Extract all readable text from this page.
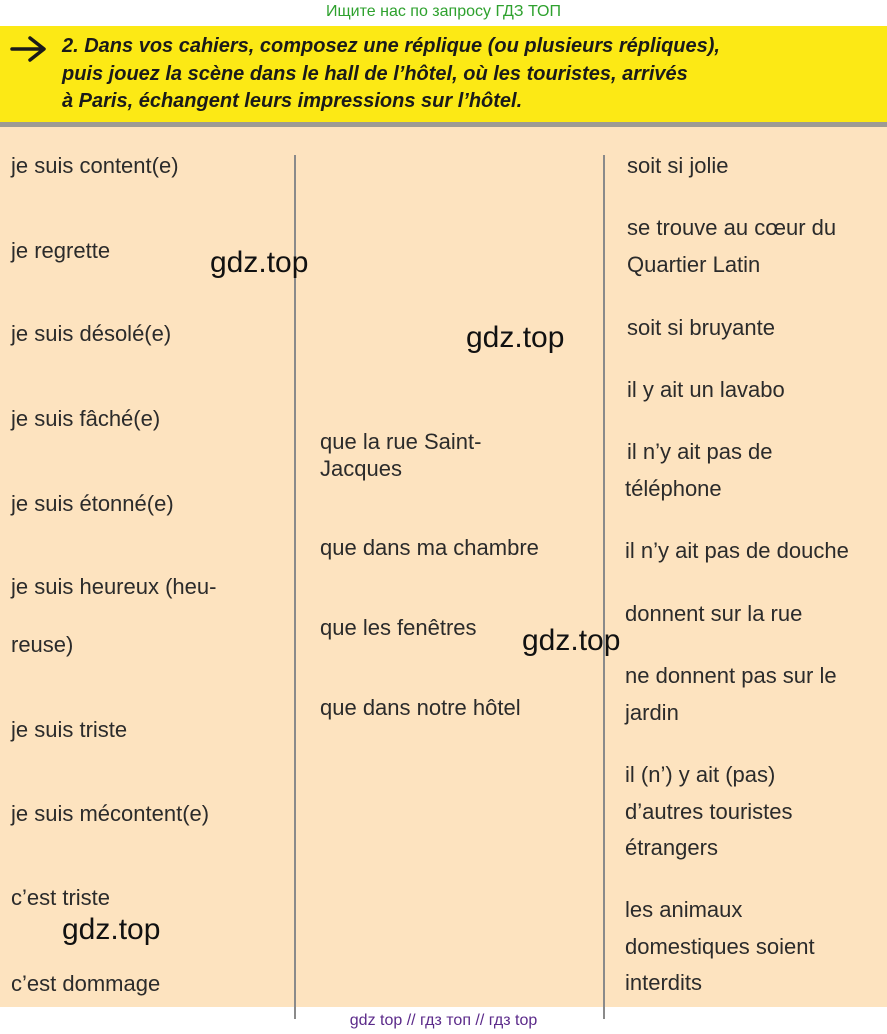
Ищите нас по запросу ГДЗ ТОП
2. Dans vos cahiers, composez une réplique (ou plusieurs répliques),
puis jouez la scène dans le hall de l’hôtel, où les touristes, arrivés
à Paris, échangent leurs impressions sur l’hôtel.
je suis content(e)
je regrette
je suis désolé(e)
je suis fâché(e)
je suis étonné(e)
je suis heureux (heu-
reuse)
je suis triste
je suis mécontent(e)
c’est triste
c’est dommage
que la rue Saint-
Jacques
que dans ma chambre
que les fenêtres
que dans notre hôtel
soit si jolie
se trouve au cœur du
Quartier Latin
soit si bruyante
il y ait un lavabo
il n’y ait pas de
téléphone
il n’y ait pas de douche
donnent sur la rue
ne donnent pas sur le
jardin
il (n’) y ait (pas)
d’autres touristes
étrangers
les animaux
domestiques soient
interdits
gdz.top
gdz.top
gdz.top
gdz.top
gdz top // гдз топ // гдз top
